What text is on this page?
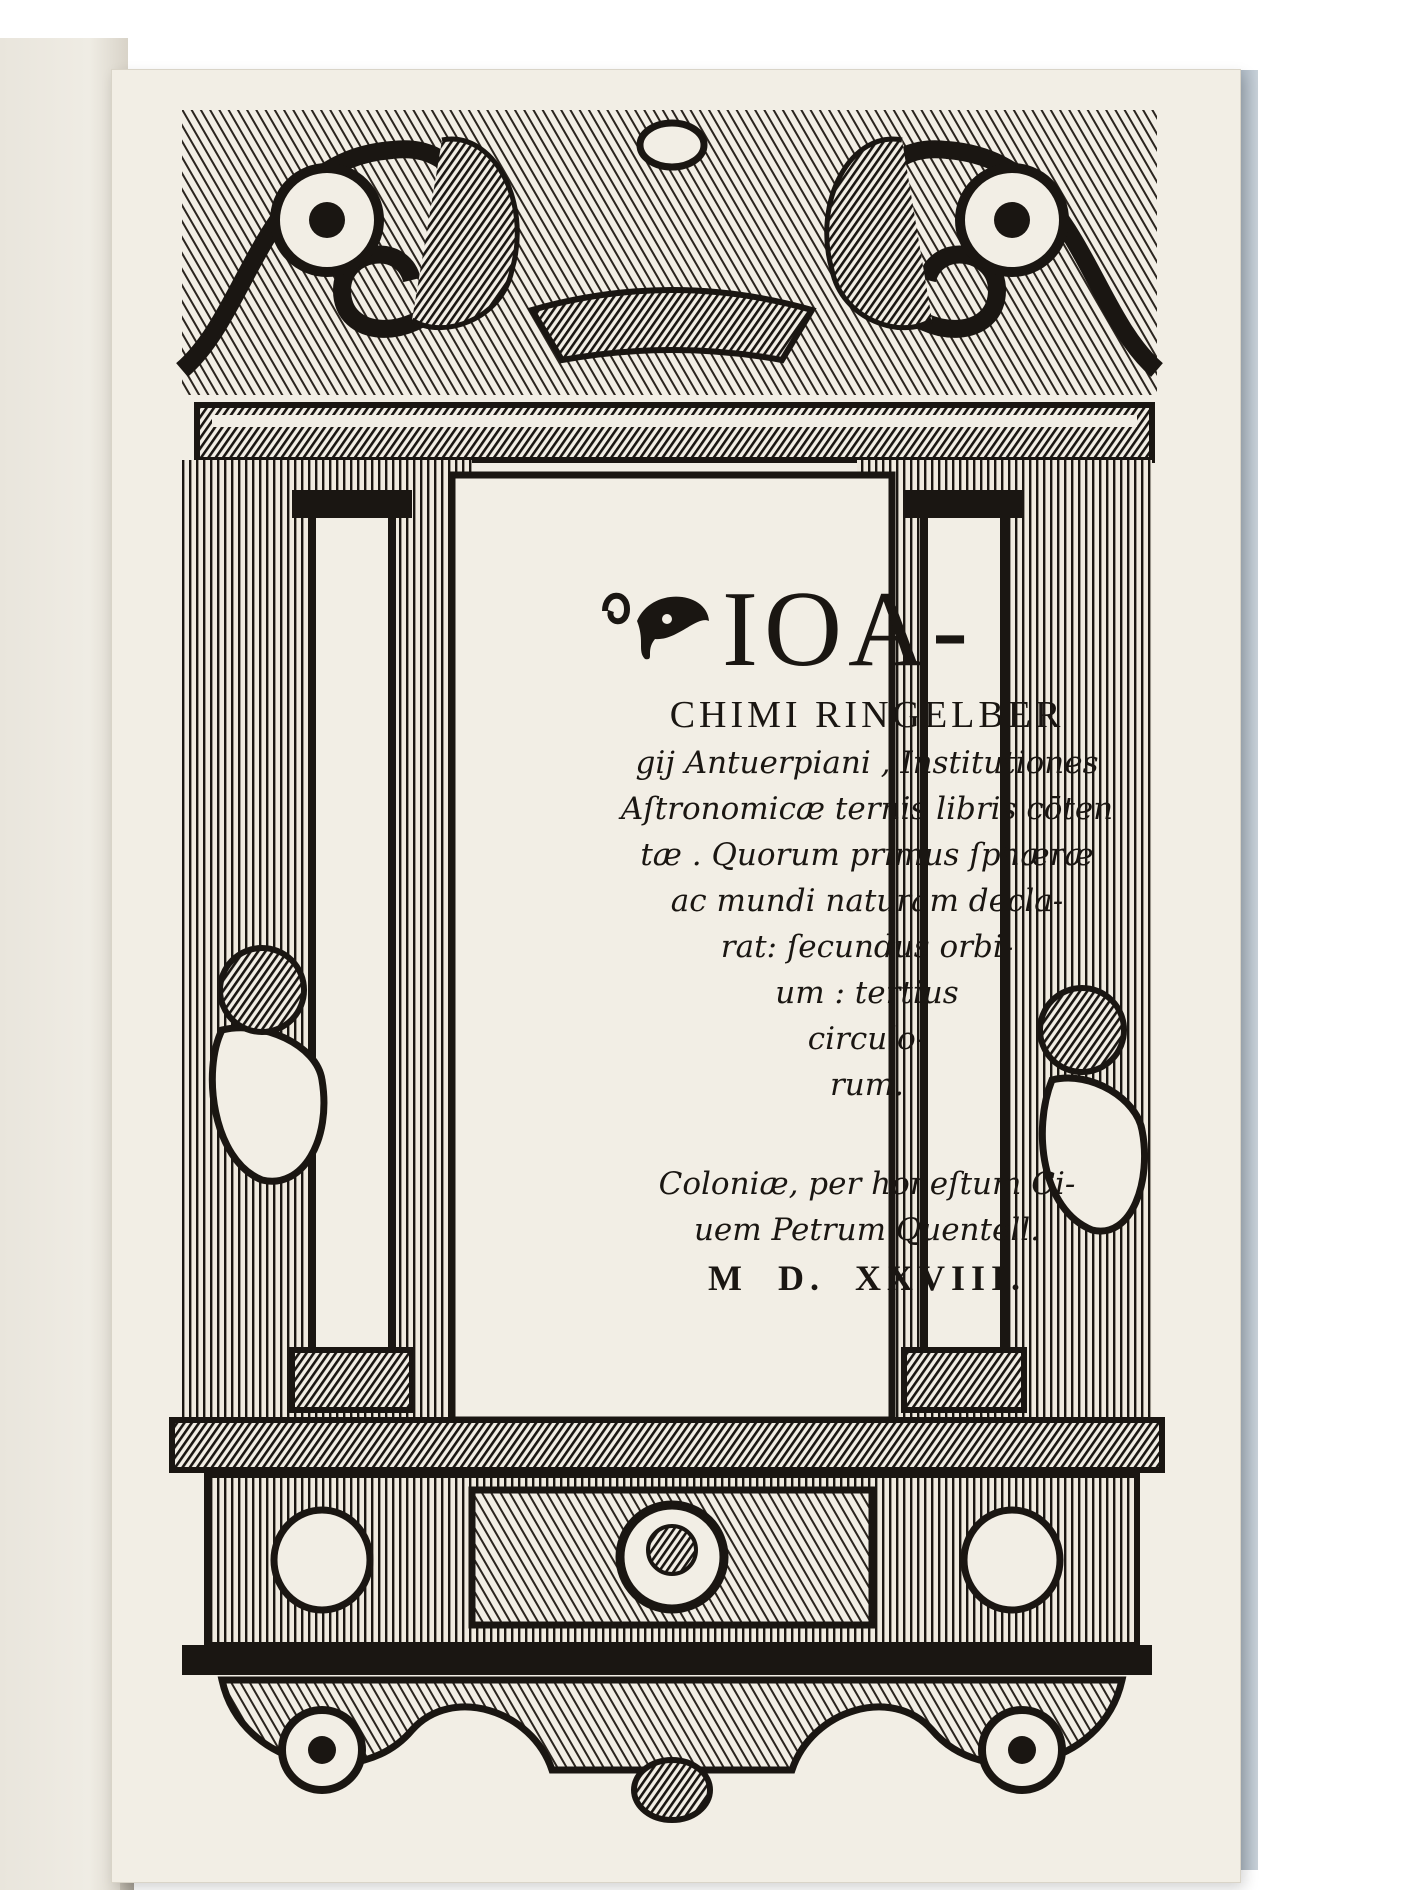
IOA-
CHIMI RINGELBER
gij Antuerpiani , Institutiones
Aſtronomicæ ternis libris cōten
tæ . Quorum primus ſphæræ
ac mundi naturam decla-
rat: ſecundus orbi-
um : tertius
circulo-
rum.
Coloniæ, per honeſtum Ci-
uem Petrum Quentell.
M  D.  XXVIII.
